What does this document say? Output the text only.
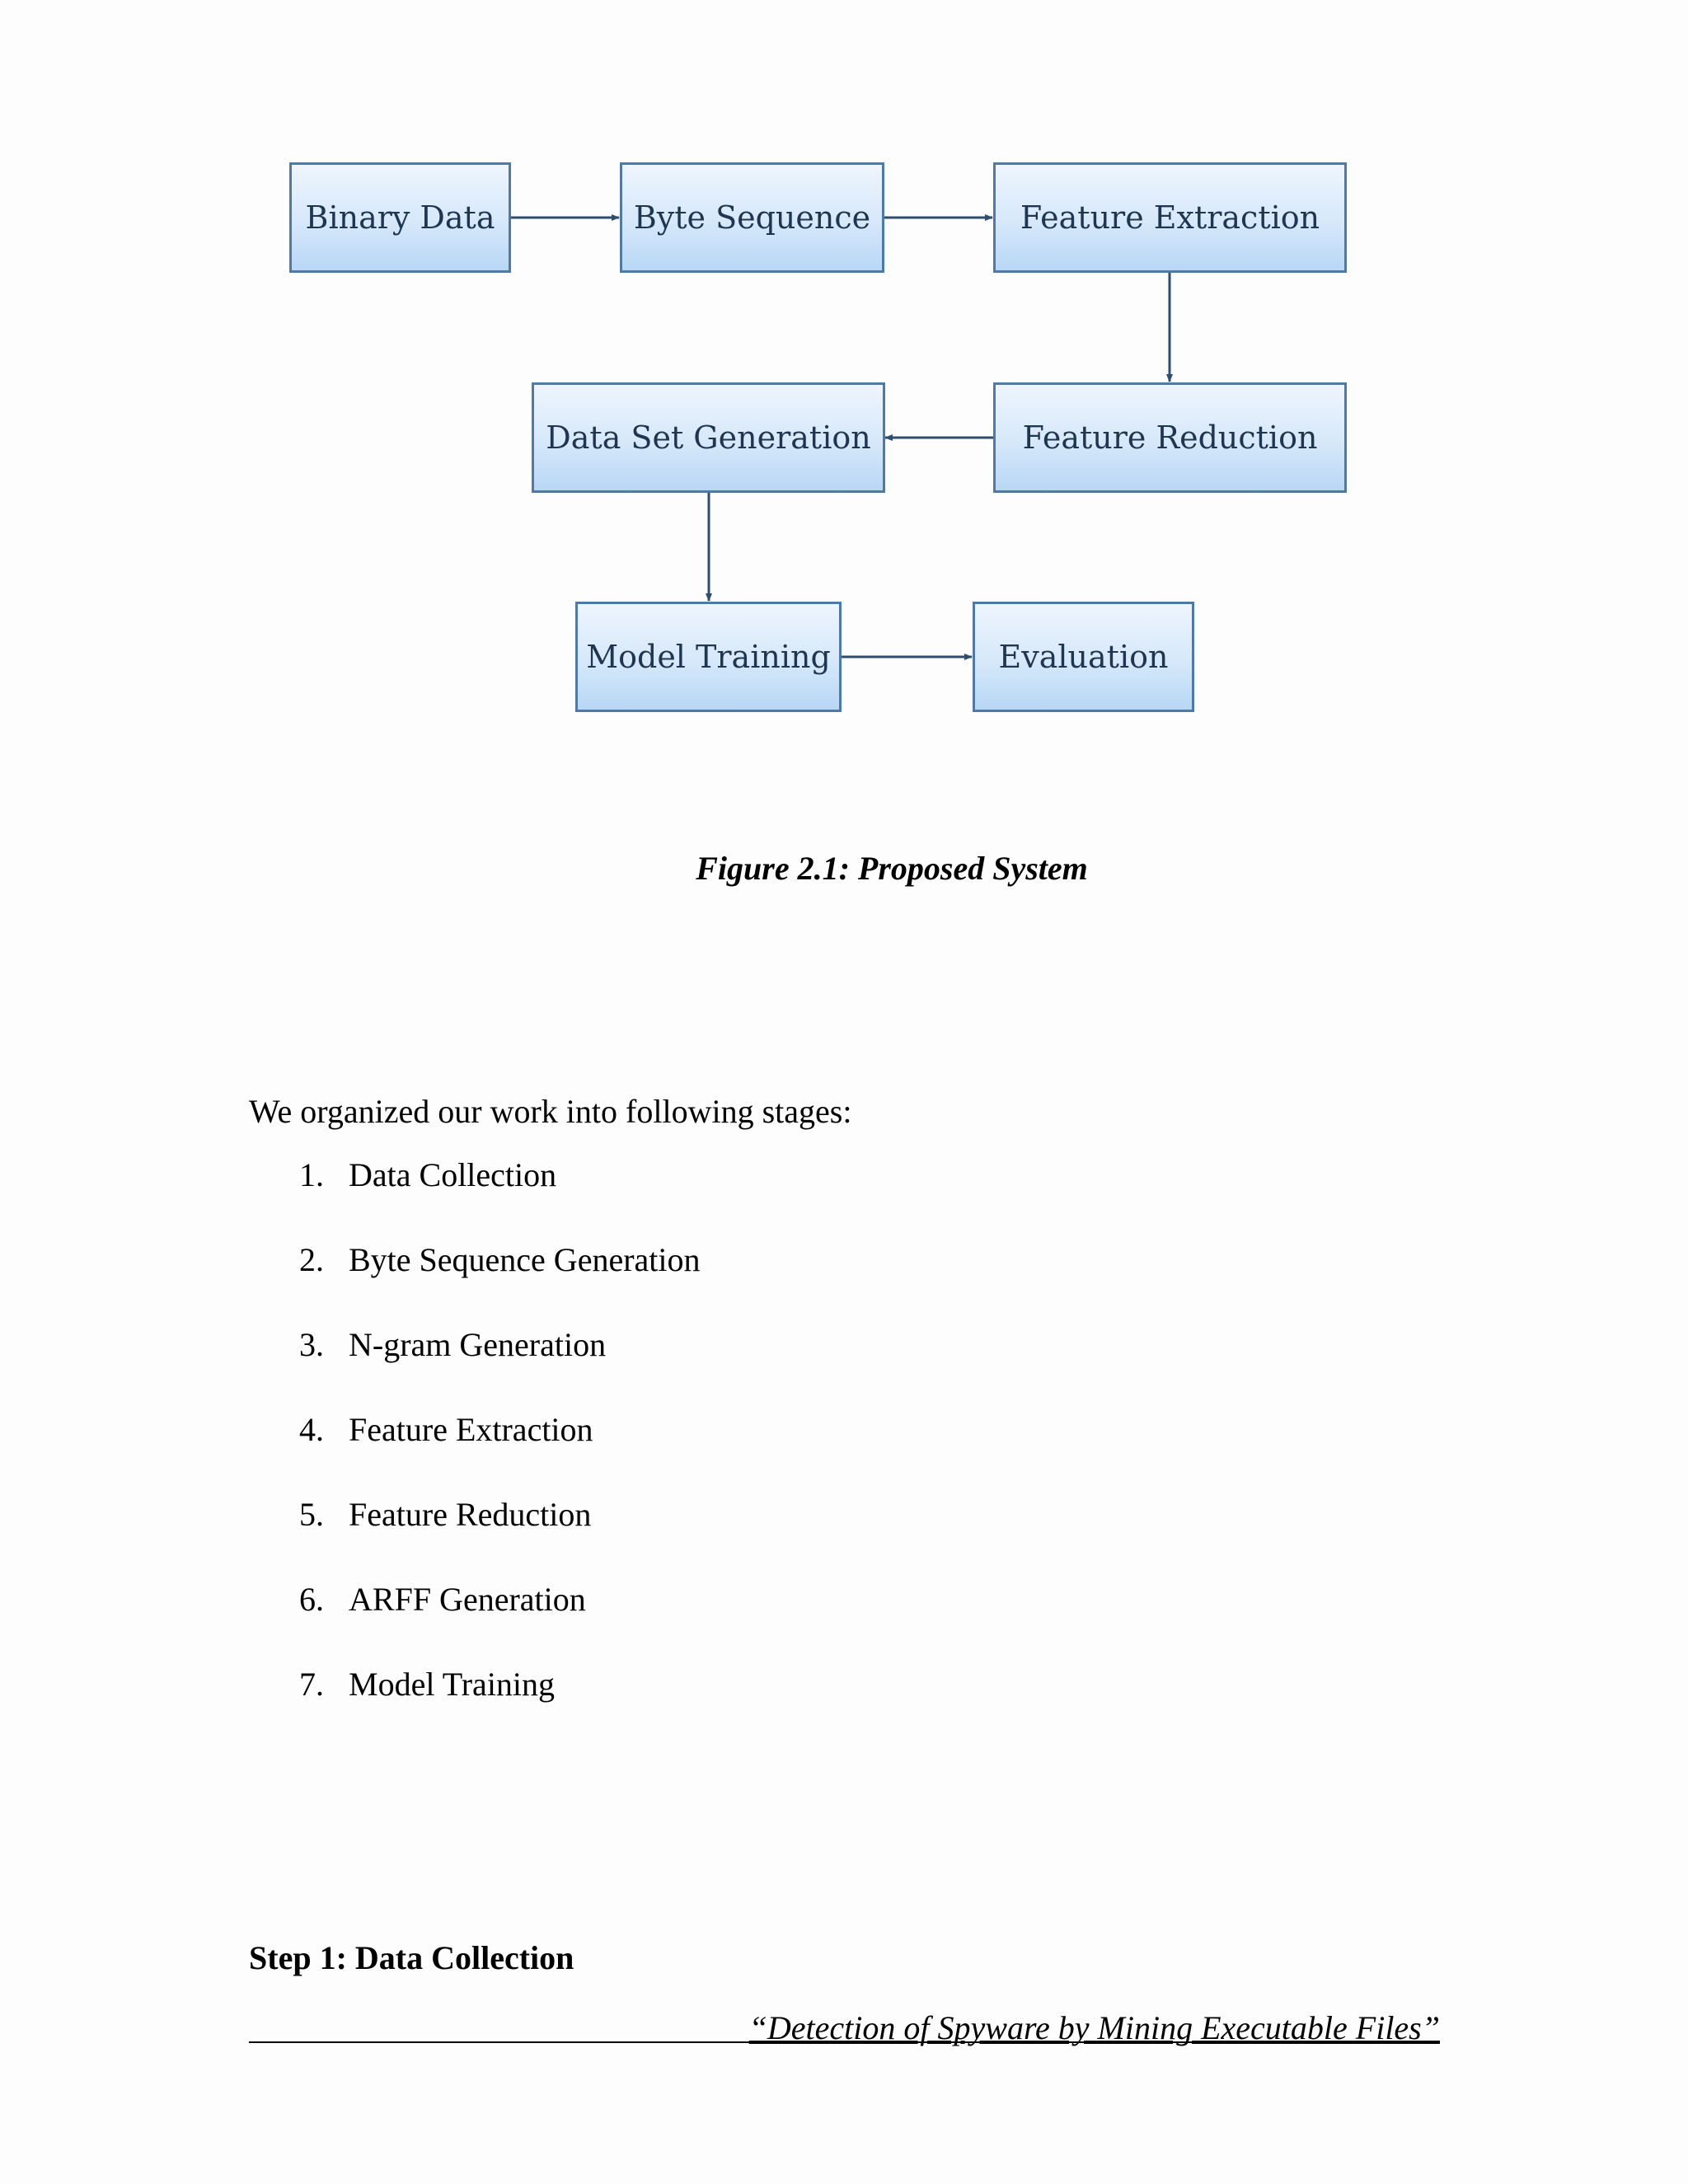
Binary Data	Byte Sequence	Feature Extraction
Feature Reduction
Data Set Generation
Model Training	Evaluation
Figure 2.1: Proposed System
We organized our work into following stages:
1. Data Collection
2. Byte Sequence Generation
3. N-gram Generation
4. Feature Extraction
5. Feature Reduction
6. ARFF Generation
7. Model Training
Step 1: Data Collection
“Detection of Spyware by Mining Executable Files”
